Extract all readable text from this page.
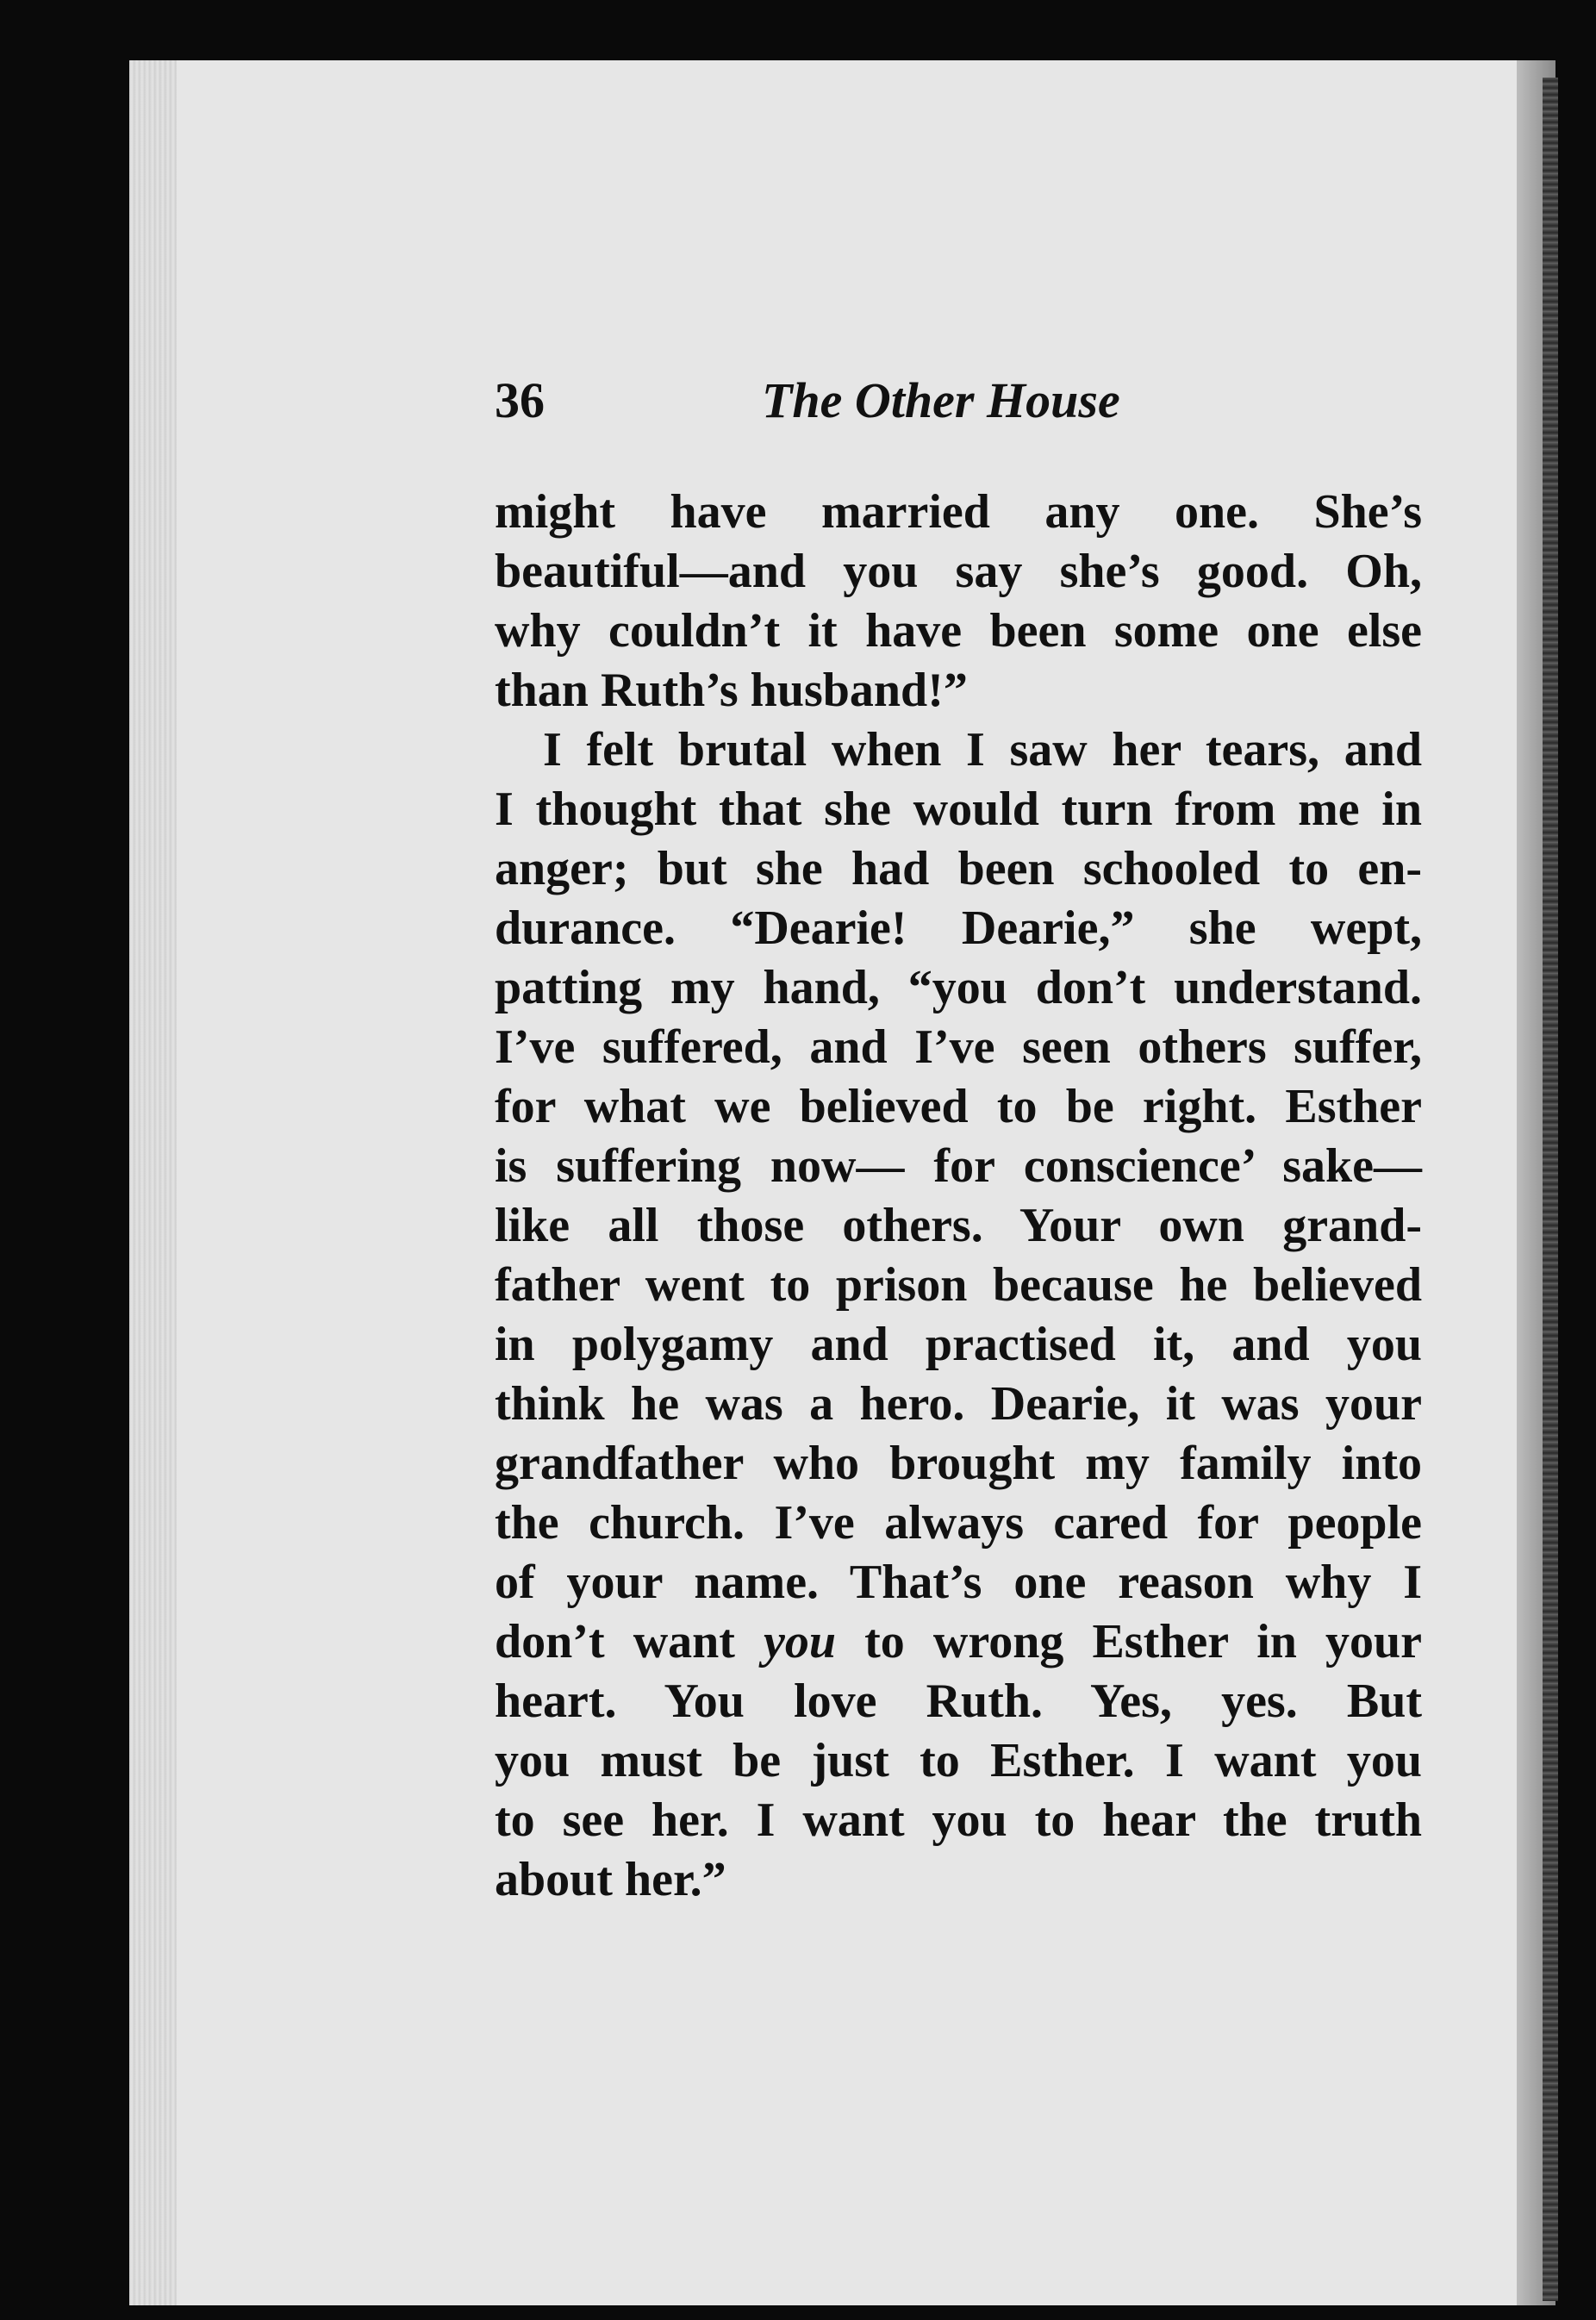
36	The Other House
might have married any one. She’s
beautiful—and you say she’s good. Oh,
why couldn’t it have been some one else
than Ruth’s husband!”
I felt brutal when I saw her tears, and
I thought that she would turn from me in
anger; but she had been schooled to en-
durance. “Dearie! Dearie,” she wept,
patting my hand, “you don’t understand.
I’ve suffered, and I’ve seen others suffer,
for what we believed to be right. Esther
is suffering now— for conscience’ sake—
like all those others. Your own grand-
father went to prison because he believed
in polygamy and practised it, and you
think he was a hero. Dearie, it was your
grandfather who brought my family into
the church. I’ve always cared for people
of your name. That’s one reason why I
don’t want you to wrong Esther in your
heart. You love Ruth. Yes, yes. But
you must be just to Esther. I want you
to see her. I want you to hear the truth
about her.”
